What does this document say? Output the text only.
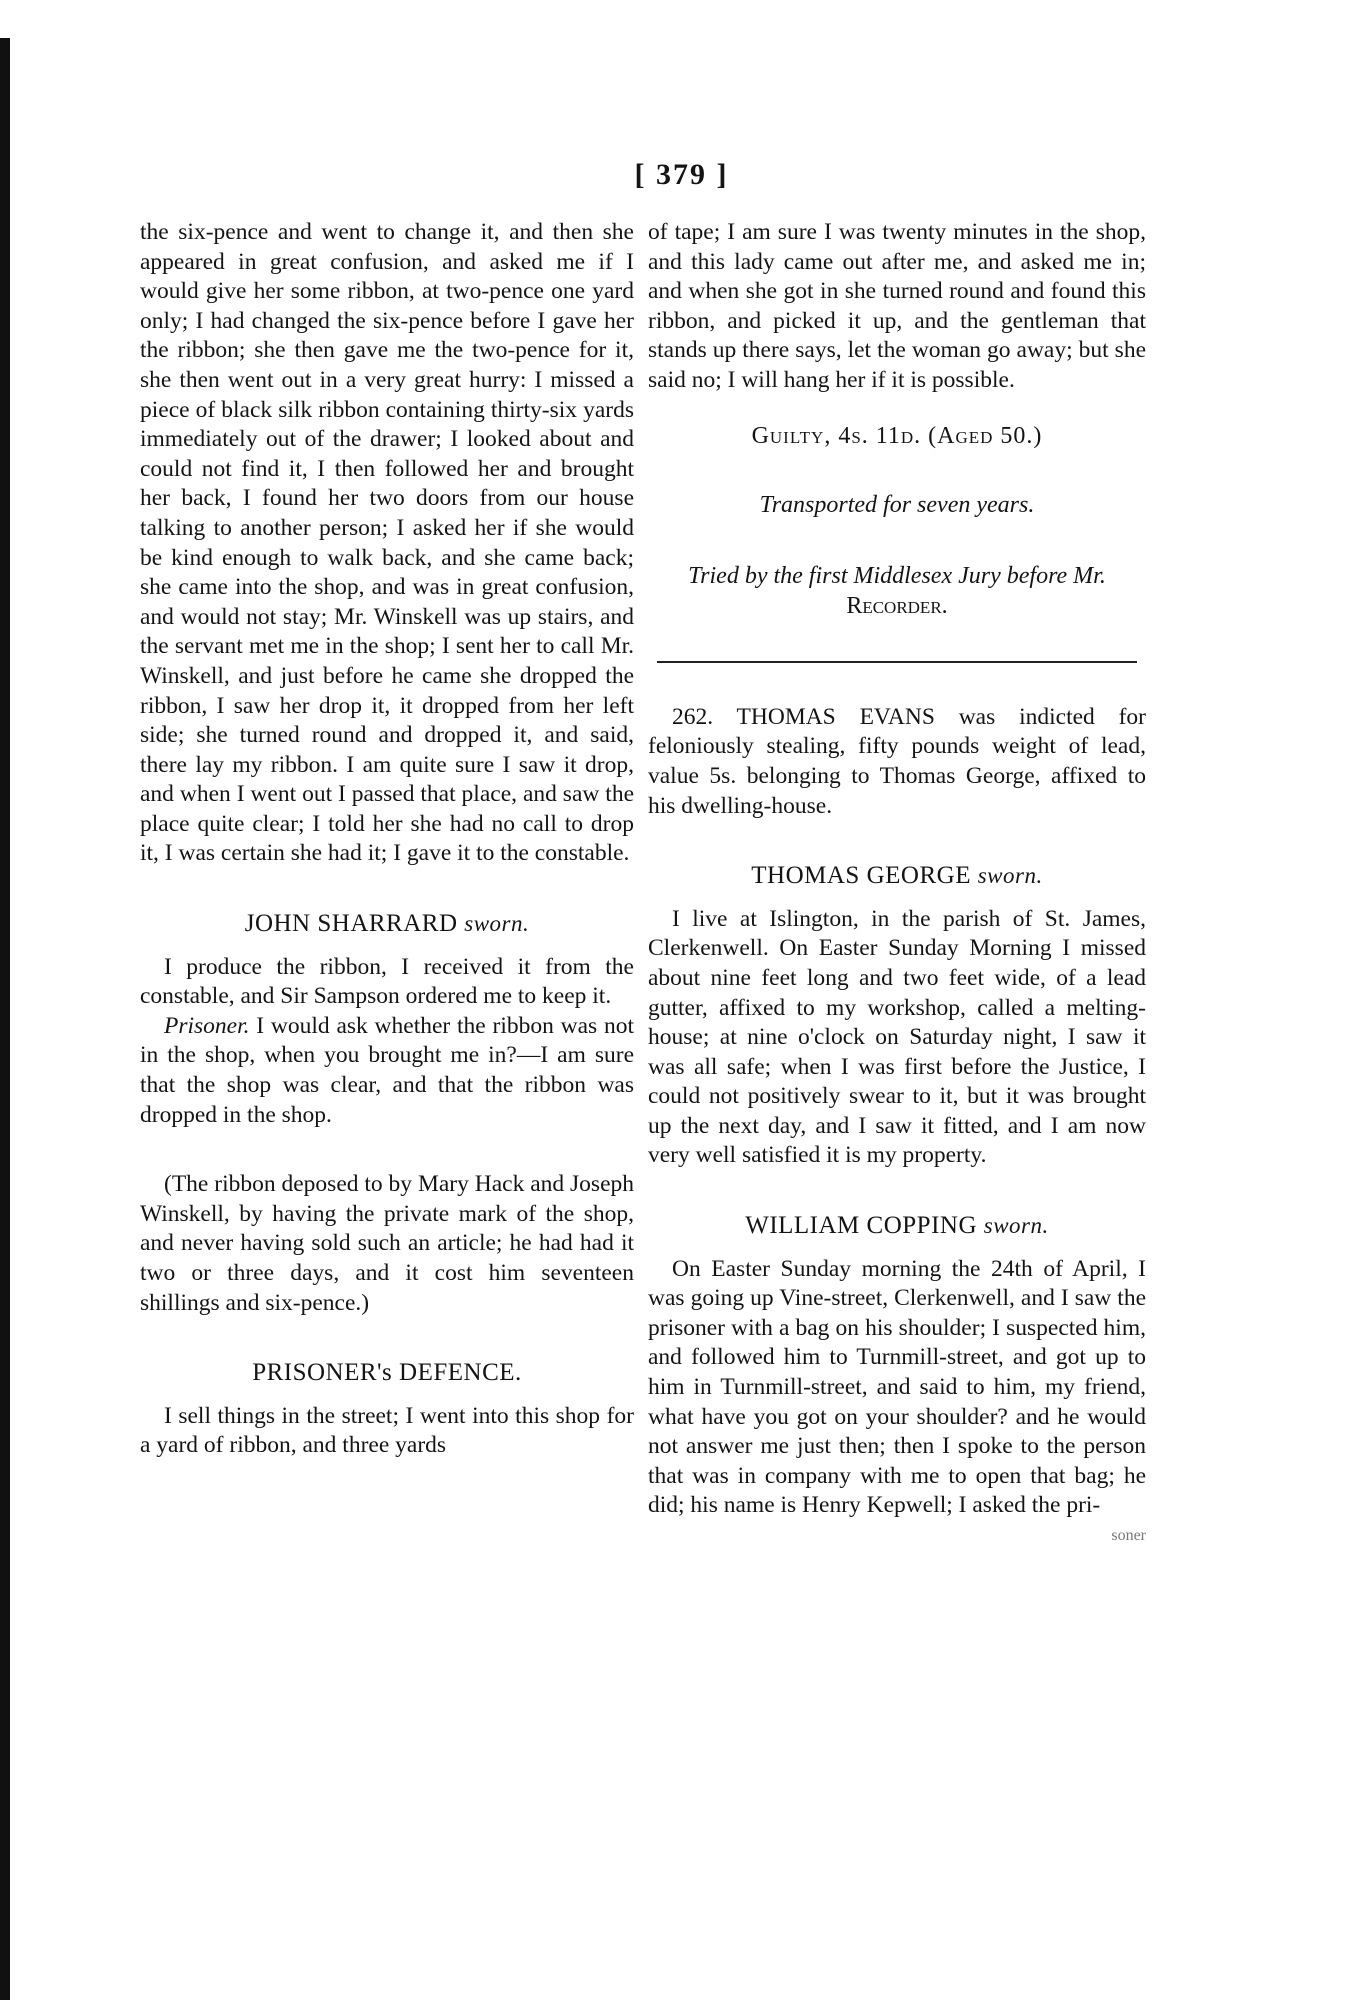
[ 379 ]

the six-pence and went to change it, and then she appeared in great confusion, and asked me if I would give her some ribbon, at two-pence one yard only; I had changed the six-pence before I gave her the ribbon; she then gave me the two-pence for it, she then went out in a very great hurry: I missed a piece of black silk ribbon containing thirty-six yards immediately out of the drawer; I looked about and could not find it, I then followed her and brought her back, I found her two doors from our house talking to another person; I asked her if she would be kind enough to walk back, and she came back; she came into the shop, and was in great confusion, and would not stay; Mr. Winskell was up stairs, and the servant met me in the shop; I sent her to call Mr. Winskell, and just before he came she dropped the ribbon, I saw her drop it, it dropped from her left side; she turned round and dropped it, and said, there lay my ribbon. I am quite sure I saw it drop, and when I went out I passed that place, and saw the place quite clear; I told her she had no call to drop it, I was certain she had it; I gave it to the constable.

JOHN SHARRARD sworn.

I produce the ribbon, I received it from the constable, and Sir Sampson ordered me to keep it.

Prisoner. I would ask whether the ribbon was not in the shop, when you brought me in?—I am sure that the shop was clear, and that the ribbon was dropped in the shop.

(The ribbon deposed to by Mary Hack and Joseph Winskell, by having the private mark of the shop, and never having sold such an article; he had had it two or three days, and it cost him seventeen shillings and six-pence.)

PRISONER's DEFENCE.

I sell things in the street; I went into this shop for a yard of ribbon, and three yards

of tape; I am sure I was twenty minutes in the shop, and this lady came out after me, and asked me in; and when she got in she turned round and found this ribbon, and picked it up, and the gentleman that stands up there says, let the woman go away; but she said no; I will hang her if it is possible.

Guilty, 4s. 11d. (Aged 50.)

Transported for seven years.

Tried by the first Middlesex Jury before Mr. Recorder.

262. THOMAS EVANS was indicted for feloniously stealing, fifty pounds weight of lead, value 5s. belonging to Thomas George, affixed to his dwelling-house.

THOMAS GEORGE sworn.

I live at Islington, in the parish of St. James, Clerkenwell. On Easter Sunday Morning I missed about nine feet long and two feet wide, of a lead gutter, affixed to my workshop, called a melting-house; at nine o'clock on Saturday night, I saw it was all safe; when I was first before the Justice, I could not positively swear to it, but it was brought up the next day, and I saw it fitted, and I am now very well satisfied it is my property.

WILLIAM COPPING sworn.

On Easter Sunday morning the 24th of April, I was going up Vine-street, Clerkenwell, and I saw the prisoner with a bag on his shoulder; I suspected him, and followed him to Turnmill-street, and got up to him in Turnmill-street, and said to him, my friend, what have you got on your shoulder? and he would not answer me just then; then I spoke to the person that was in company with me to open that bag; he did; his name is Henry Kepwell; I asked the pri-

soner
